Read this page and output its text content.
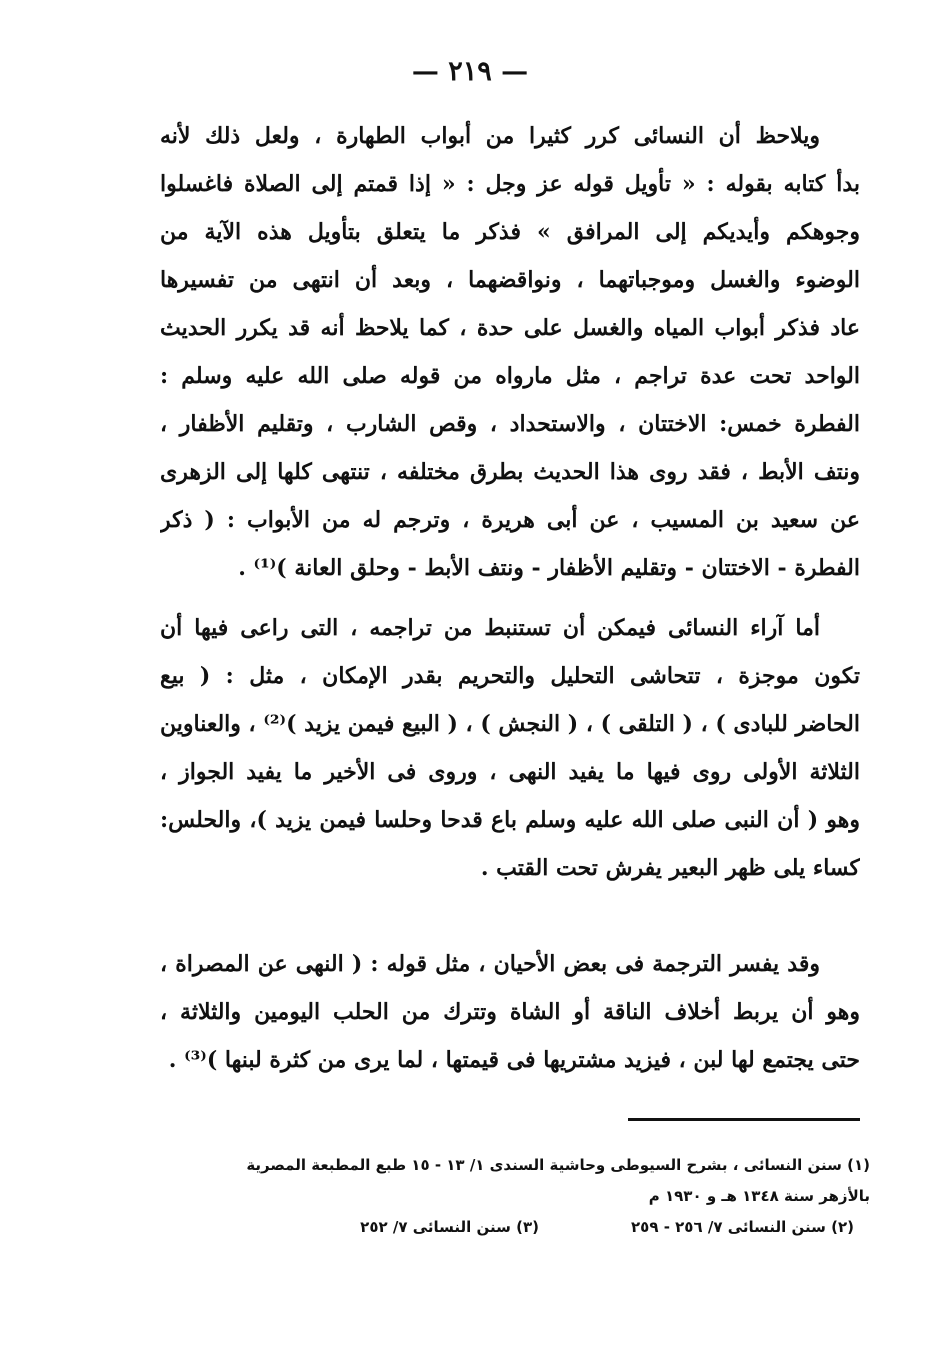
— ٢١٩ —
ويلاحظ أن النسائى كرر كثيرا من أبواب الطهارة ، ولعل ذلك لأنه
بدأ كتابه بقوله : « تأويل قوله عز وجل : « إذا قمتم إلى الصلاة فاغسلوا
وجوهكم وأيديكم إلى المرافق » فذكر ما يتعلق بتأويل هذه الآية من
الوضوء والغسل وموجباتهما ، ونواقضهما ، وبعد أن انتهى من تفسيرها
عاد فذكر أبواب المياه والغسل على حدة ، كما يلاحظ أنه قد يكرر الحديث
الواحد تحت عدة تراجم ، مثل مارواه من قوله صلى الله عليه وسلم :
الفطرة خمس: الاختتان ، والاستحداد ، وقص الشارب ، وتقليم الأظفار ،
ونتف الأبط ، فقد روى هذا الحديث بطرق مختلفه ، تنتهى كلها إلى الزهرى
عن سعيد بن المسيب ، عن أبى هريرة ، وترجم له من الأبواب : ( ذكر
الفطرة - الاختتان - وتقليم الأظفار - ونتف الأبط - وحلق العانة )⁽¹⁾ .
أما آراء النسائى فيمكن أن تستنبط من تراجمه ، التى راعى فيها أن
تكون موجزة ، تتحاشى التحليل والتحريم بقدر الإمكان ، مثل : ( بيع
الحاضر للبادى ) ، ( التلقى ) ، ( النجش ) ، ( البيع فيمن يزيد )⁽²⁾ ، والعناوين
الثلاثة الأولى روى فيها ما يفيد النهى ، وروى فى الأخير ما يفيد الجواز ،
وهو ( أن النبى صلى الله عليه وسلم باع قدحا وحلسا فيمن يزيد )، والحلس:
كساء يلى ظهر البعير يفرش تحت القتب .
وقد يفسر الترجمة فى بعض الأحيان ، مثل قوله : ( النهى عن المصراة ،
وهو أن يربط أخلاف الناقة أو الشاة وتترك من الحلب اليومين والثلاثة ،
حتى يجتمع لها لبن ، فيزيد مشتريها فى قيمتها ، لما يرى من كثرة لبنها )⁽³⁾ .
(١) سنن النسائى ، بشرح السيوطى وحاشية السندى ١/ ١٣ - ١٥ طبع المطبعة المصرية
بالأزهر سنة ١٣٤٨ هـ و ١٩٣٠ م
(٢) سنن النسائى ٧/ ٢٥٦ - ٢٥٩
(٣) سنن النسائى ٧/ ٢٥٢
